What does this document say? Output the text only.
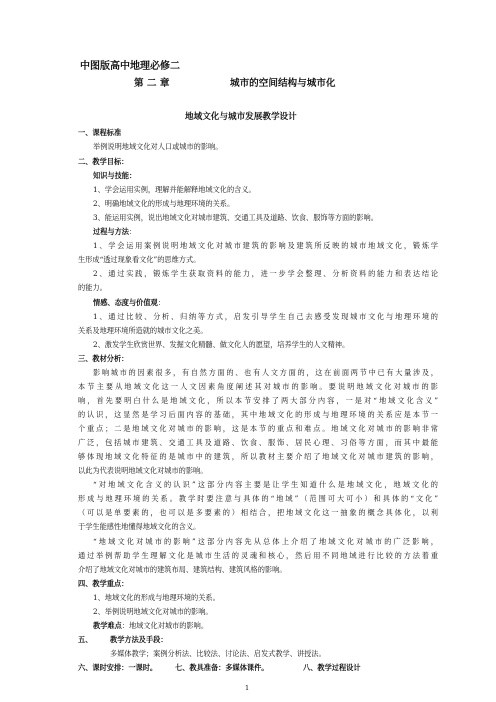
中图版高中地理必修二
第 二 章	城市的空间结构与城市化
地域文化与城市发展教学设计
一、课程标准
举例说明地域文化对人口或城市的影响。
二、教学目标：
知识与技能：
1、学会运用实例，理解并能解释地域文化的含义。
2、明确地域文化的形成与地理环境的关系。
3、能运用实例，说出地域文化对城市建筑、交通工具及道路、饮食、服饰等方面的影响。
过程与方法：
1、学会运用案例说明地域文化对城市建筑的影响及建筑所反映的城市地域文化，锻炼学
生形成“透过现象看文化”的思维方式。
2、通过实践，锻炼学生获取资料的能力，进一步学会整理、分析资料的能力和表达结论
的能力。
情感、态度与价值观：
1、通过比较、分析、归纳等方式，启发引导学生自己去感受发现城市文化与地理环境的
关系及地理环境所造就的城市文化之美。
2、激发学生欣赏世界、发掘文化精髓、做文化人的愿望，培养学生的人文精神。
三、教材分析：
影响城市的因素很多，有自然方面的、也有人文方面的，这在前面两节中已有大量涉及，
本节主要从地域文化这一人文因素角度阐述其对城市的影响。要说明地域文化对城市的影
响，首先要明白什么是地域文化，所以本节安排了两大部分内容，一是对“地域文化含义”
的认识，这显然是学习后面内容的基础，其中地域文化的形成与地理环境的关系应是本节一
个重点；二是地域文化对城市的影响，这是本节的重点和难点。地域文化对城市的影响非常
广泛，包括城市建筑、交通工具及道路、饮食、服饰、居民心理、习俗等方面，而其中最能
够体现地域文化特征的是城市中的建筑，所以教材主要介绍了地域文化对城市建筑的影响，
以此为代表说明地域文化对城市的影响。
“对地域文化含义的认识”这部分内容主要是让学生知道什么是地域文化，地域文化的
形成与地理环境的关系。教学时要注意与具体的“地域”（范围可大可小）和具体的“文化”
（可以是单要素的，也可以是多要素的）相结合，把地域文化这一抽象的概念具体化，以利
于学生能感性地懂得地域文化的含义。
“地域文化对城市的影响”这部分内容先从总体上介绍了地域文化对城市的广泛影响，
通过举例帮助学生理解文化是城市生活的灵魂和核心，然后用不同地域进行比较的方法着重
介绍了地域文化对城市的建筑布局、建筑结构、建筑风格的影响。
四、教学重点：
1、地域文化的形成与地理环境的关系。
2、举例说明地域文化对城市的影响。
教学难点：地域文化对城市的影响。
五、 教学方法及手段：
多媒体教学；案例分析法、比较法、讨论法、启发式教学、讲授法。
六、课时安排：一课时。 七、教具准备：多媒体课件。	八、教学过程设计
1
